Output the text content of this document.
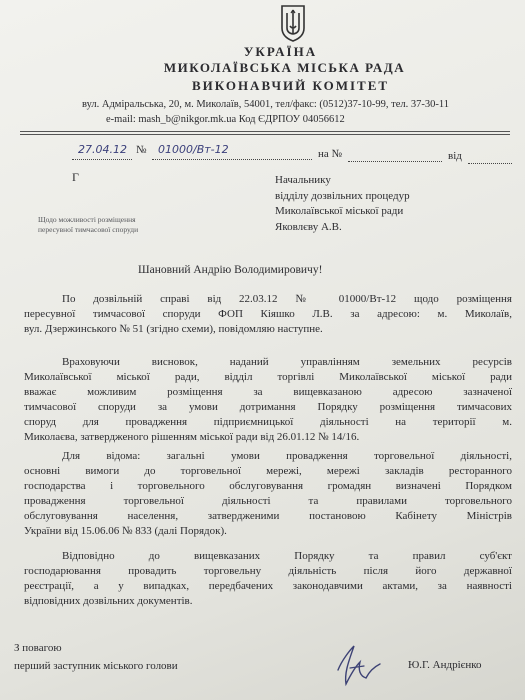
УКРАЇНА
МИКОЛАЇВСЬКА МІСЬКА РАДА
ВИКОНАВЧИЙ КОМІТЕТ
вул. Адміральська, 20, м. Миколаїв, 54001, тел/факс: (0512)37-10-99, тел. 37-30-11
e-mail: mash_b@nikgor.mk.ua Код ЄДРПОУ 04056612
27.04.12 № 01000/Вт-12	на №	від
Г	Начальнику
відділу дозвільних процедур
Миколаївської міської ради
Яковлєву А.В.
Щодо можливості розміщення
пересувної тимчасової споруди
Шановний Андрію Володимировичу!
По дозвільній справі від 22.03.12 № 01000/Вт-12 щодо розміщення
пересувної тимчасової споруди ФОП Кіяшко Л.В. за адресою: м. Миколаїв,
вул. Дзержинського № 51 (згідно схеми), повідомляю наступне.
Враховуючи висновок, наданий управлінням земельних ресурсів
Миколаївської міської ради, відділ торгівлі Миколаївської міської ради
вважає можливим розміщення за вищевказаною адресою зазначеної
тимчасової споруди за умови дотримання Порядку розміщення тимчасових
споруд для провадження підприємницької діяльності на території м.
Миколаєва, затвердженого рішенням міської ради від 26.01.12 № 14/16.
Для відома: загальні умови провадження торговельної діяльності,
основні вимоги до торговельної мережі, мережі закладів ресторанного
господарства і торговельного обслуговування громадян визначені Порядком
провадження торговельної діяльності та правилами торговельного
обслуговування населення, затвердженими постановою Кабінету Міністрів
України від 15.06.06 № 833 (далі Порядок).
Відповідно до вищевказаних Порядку та правил суб'єкт
господарювання провадить торговельну діяльність після його державної
реєстрації, а у випадках, передбачених законодавчими актами, за наявності
відповідних дозвільних документів.
З повагою
перший заступник міського голови	Ю.Г. Андрієнко
